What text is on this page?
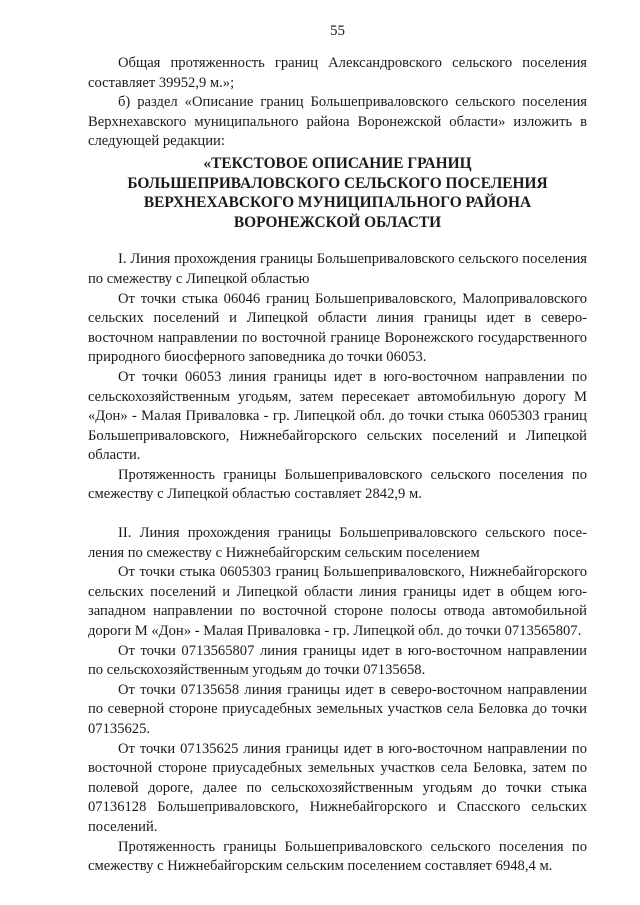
55

Общая протяженность границ Александровского сельского поселения составляет 39952,9 м.»;

б) раздел «Описание границ Большеприваловского сельского поселения Верхнехавского муниципального района Воронежской области» изложить в следующей редакции:

«ТЕКСТОВОЕ ОПИСАНИЕ ГРАНИЦ
БОЛЬШЕПРИВАЛОВСКОГО СЕЛЬСКОГО ПОСЕЛЕНИЯ
ВЕРХНЕХАВСКОГО МУНИЦИПАЛЬНОГО РАЙОНА
ВОРОНЕЖСКОЙ ОБЛАСТИ

I. Линия прохождения границы Большеприваловского сельского поселения по смежеству с Липецкой областью

От точки стыка 06046 границ Большеприваловского, Малоприваловского сельских поселений и Липецкой области линия границы идет в северо-восточном направлении по восточной границе Воронежского государственного природного биосферного заповедника до точки 06053.

От точки 06053 линия границы идет в юго-восточном направлении по сельскохозяйственным угодьям, затем пересекает автомобильную дорогу М «Дон» - Малая Приваловка - гр. Липецкой обл. до точки стыка 0605303 границ Большеприваловского, Нижнебайгорского сельских поселений и Липецкой области.

Протяженность границы Большеприваловского сельского поселения по смежеству с Липецкой областью составляет 2842,9 м.

II. Линия прохождения границы Большеприваловского сельского поселения по смежеству с Нижнебайгорским сельским поселением

От точки стыка 0605303 границ Большеприваловского, Нижнебайгорского сельских поселений и Липецкой области линия границы идет в общем юго-западном направлении по восточной стороне полосы отвода автомобильной дороги М «Дон» - Малая Приваловка - гр. Липецкой обл. до точки 0713565807.

От точки 0713565807 линия границы идет в юго-восточном направлении по сельскохозяйственным угодьям до точки 07135658.

От точки 07135658 линия границы идет в северо-восточном направлении по северной стороне приусадебных земельных участков села Беловка до точки 07135625.

От точки 07135625 линия границы идет в юго-восточном направлении по восточной стороне приусадебных земельных участков села Беловка, затем по полевой дороге, далее по сельскохозяйственным угодьям до точки стыка 07136128 Большеприваловского, Нижнебайгорского и Спасского сельских поселений.

Протяженность границы Большеприваловского сельского поселения по смежеству с Нижнебайгорским сельским поселением составляет 6948,4 м.
